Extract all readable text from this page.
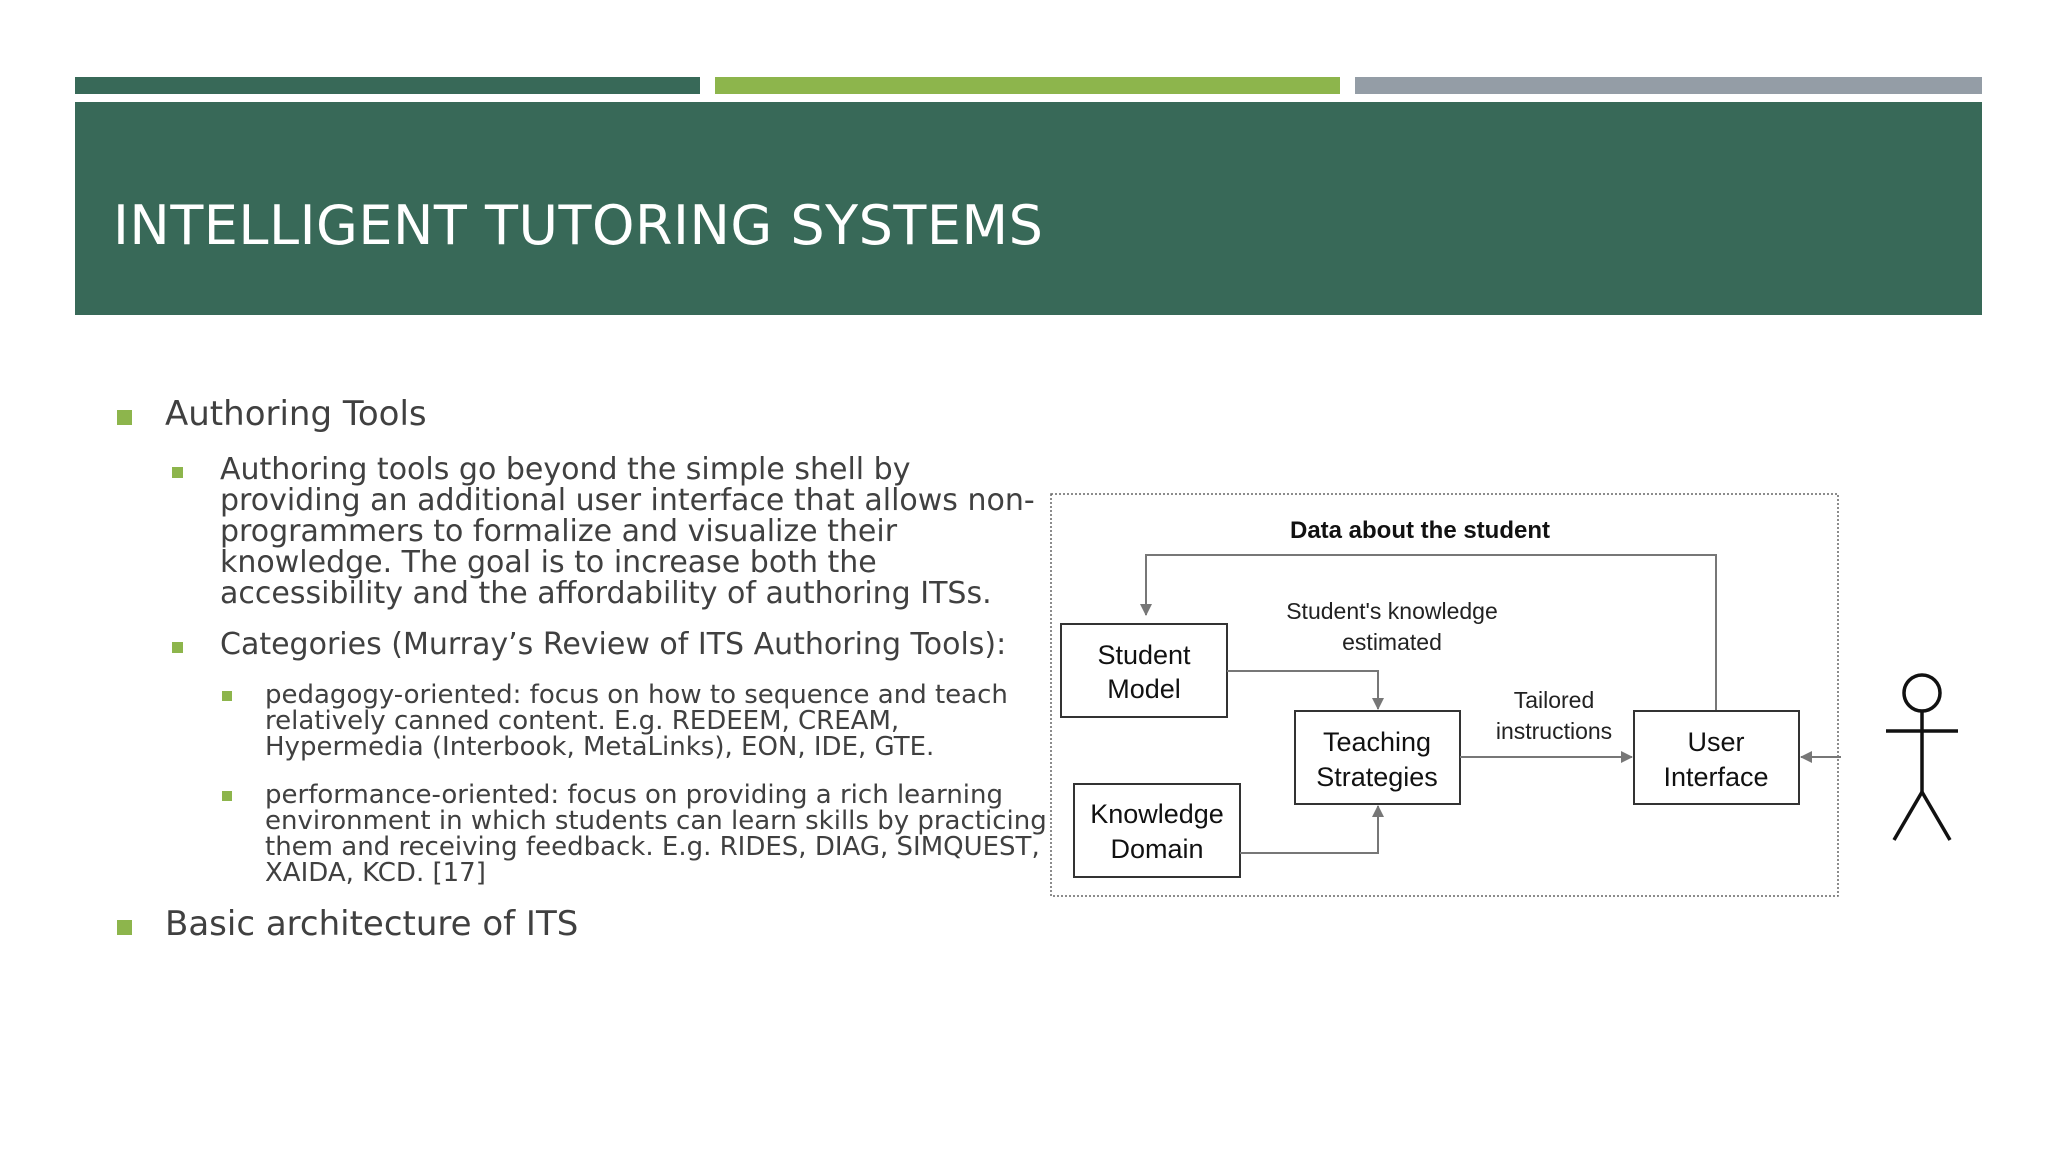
INTELLIGENT TUTORING SYSTEMS
Authoring Tools
Authoring tools go beyond the simple shell by
providing an additional user interface that allows non-
programmers to formalize and visualize their
knowledge. The goal is to increase both the
accessibility and the affordability of authoring ITSs.
Categories (Murray’s Review of ITS Authoring Tools):
pedagogy-oriented: focus on how to sequence and teach
relatively canned content. E.g. REDEEM, CREAM,
Hypermedia (Interbook, MetaLinks), EON, IDE, GTE.
performance-oriented: focus on providing a rich learning
environment in which students can learn skills by practicing
them and receiving feedback. E.g. RIDES, DIAG, SIMQUEST,
XAIDA, KCD. [17]
Basic architecture of ITS
Data about the student
Student's knowledge
estimated
Student
Model
Teaching
Strategies
Knowledge
Domain
Tailored
instructions	User
Interface
